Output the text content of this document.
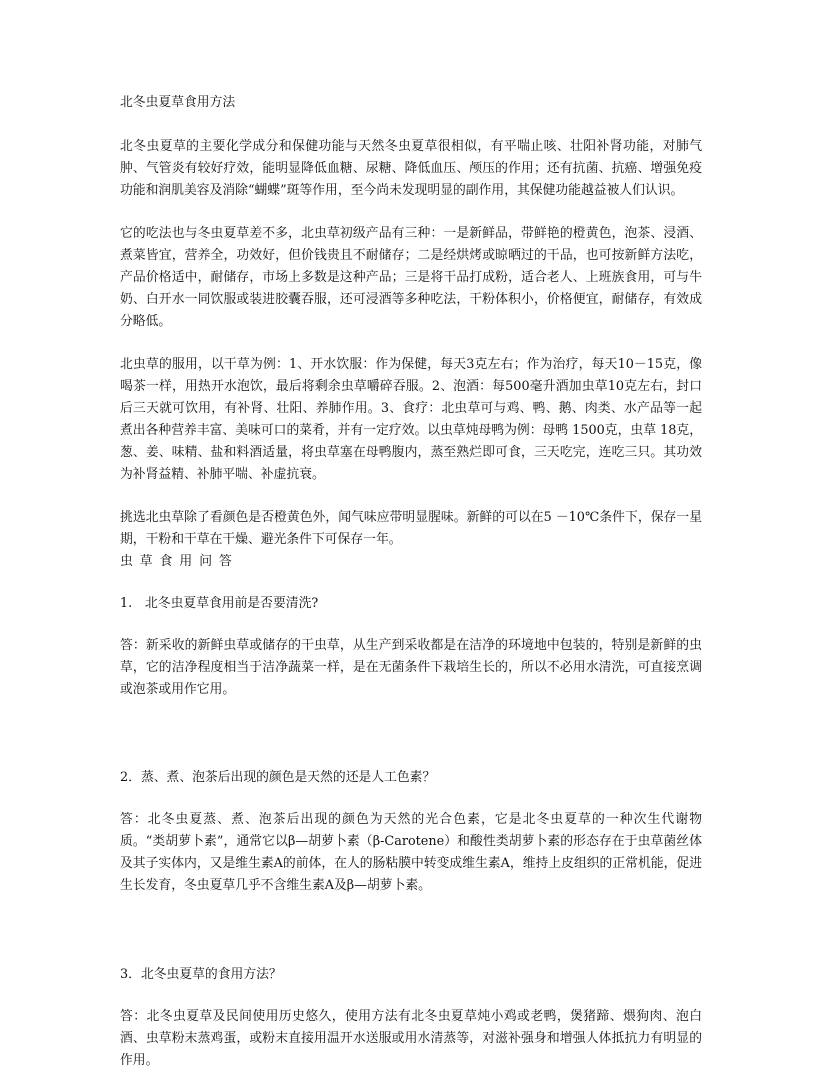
北冬虫夏草食用方法

北冬虫夏草的主要化学成分和保健功能与天然冬虫夏草很相似，有平喘止咳、壮阳补肾功能，对肺气肿、气管炎有较好疗效，能明显降低血糖、尿糖、降低血压、颅压的作用；还有抗菌、抗癌、增强免疫功能和润肌美容及消除“蝴蝶”斑等作用，至今尚未发现明显的副作用，其保健功能越益被人们认识。

它的吃法也与冬虫夏草差不多，北虫草初级产品有三种：一是新鲜品，带鲜艳的橙黄色，泡茶、浸酒、煮菜皆宜，营养全，功效好，但价钱贵且不耐储存；二是经烘烤或晾晒过的干品，也可按新鲜方法吃，产品价格适中，耐储存，市场上多数是这种产品；三是将干品打成粉，适合老人、上班族食用，可与牛奶、白开水一同饮服或装进胶囊吞服，还可浸酒等多种吃法，干粉体积小，价格便宜，耐储存，有效成分略低。

北虫草的服用，以干草为例：1、开水饮服：作为保健，每天3克左右；作为治疗，每天10－15克，像喝茶一样，用热开水泡饮，最后将剩余虫草嚼碎吞服。2、泡酒：每500毫升酒加虫草10克左右，封口后三天就可饮用，有补肾、壮阳、养肺作用。3、食疗：北虫草可与鸡、鸭、鹅、肉类、水产品等一起煮出各种营养丰富、美味可口的菜肴，并有一定疗效。以虫草炖母鸭为例：母鸭 1500克，虫草 18克，葱、姜、味精、盐和料酒适量，将虫草塞在母鸭腹内，蒸至熟烂即可食，三天吃完，连吃三只。其功效为补肾益精、补肺平喘、补虚抗衰。

挑选北虫草除了看颜色是否橙黄色外，闻气味应带明显腥味。新鲜的可以在5 －10℃条件下，保存一星期，干粉和干草在干燥、避光条件下可保存一年。

虫草食用问答

1.　北冬虫夏草食用前是否要清洗?

答：新采收的新鲜虫草或储存的干虫草，从生产到采收都是在洁净的环境地中包装的，特别是新鲜的虫草，它的洁净程度相当于洁净蔬菜一样，是在无菌条件下栽培生长的，所以不必用水清洗，可直接烹调或泡茶或用作它用。

2．蒸、煮、泡茶后出现的颜色是天然的还是人工色素？

答：北冬虫夏蒸、煮、泡茶后出现的颜色为天然的光合色素，它是北冬虫夏草的一种次生代谢物质。“类胡萝卜素”，通常它以β—胡萝卜素（β-Carotene）和酸性类胡萝卜素的形态存在于虫草菌丝体及其子实体内，又是维生素A的前体，在人的肠粘膜中转变成维生素A，维持上皮组织的正常机能，促进生长发育，冬虫夏草几乎不含维生素A及β—胡萝卜素。

3．北冬虫夏草的食用方法？

答：北冬虫夏草及民间使用历史悠久，使用方法有北冬虫夏草炖小鸡或老鸭，煲猪蹄、煨狗肉、泡白酒、虫草粉末蒸鸡蛋，或粉末直接用温开水送服或用水清蒸等，对滋补强身和增强人体抵抗力有明显的作用。
